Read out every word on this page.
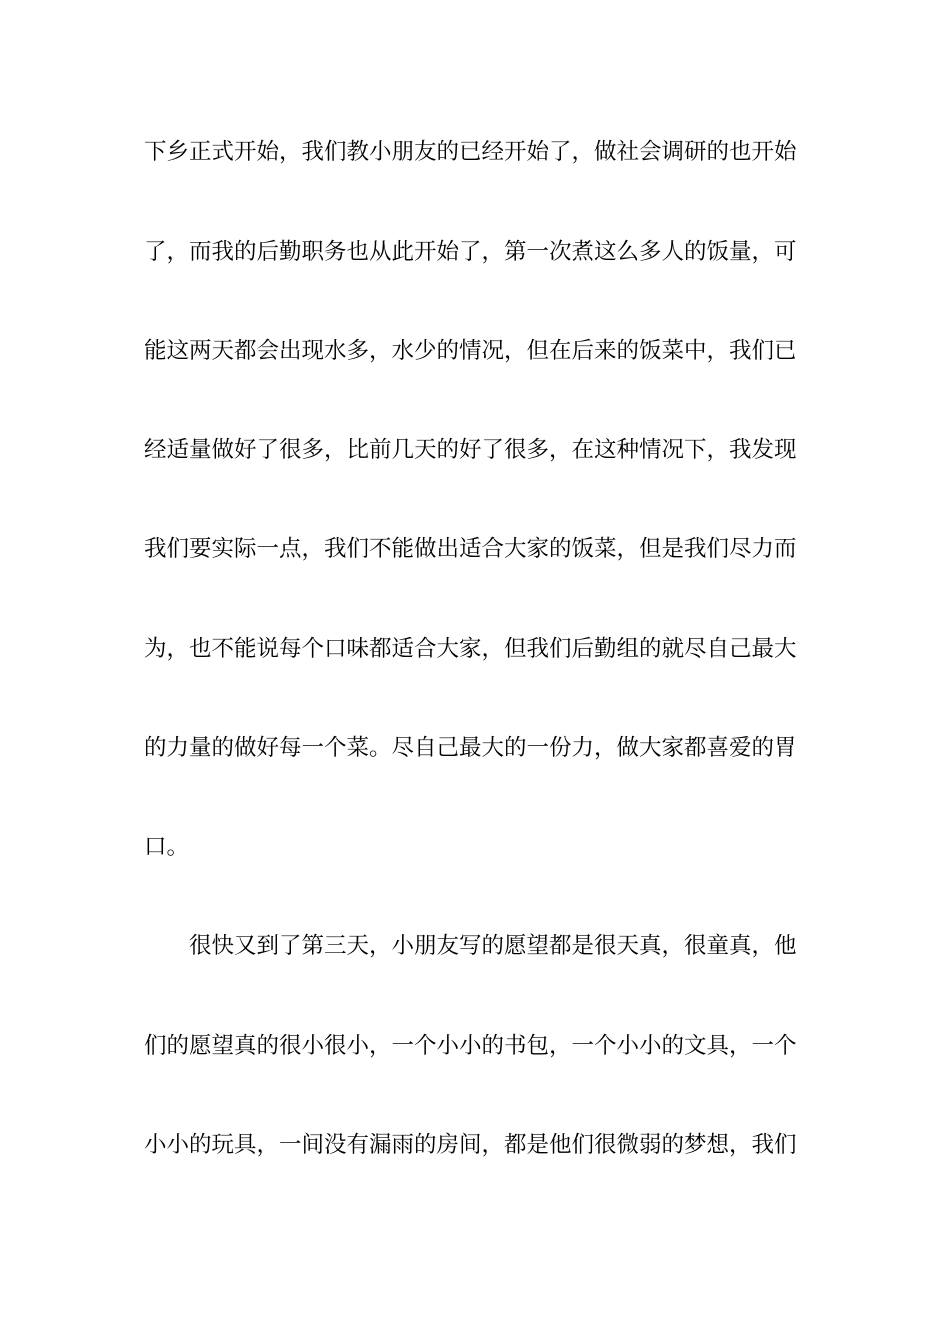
下乡正式开始，我们教小朋友的已经开始了，做社会调研的也开始
了，而我的后勤职务也从此开始了，第一次煮这么多人的饭量，可
能这两天都会出现水多，水少的情况，但在后来的饭菜中，我们已
经适量做好了很多，比前几天的好了很多，在这种情况下，我发现
我们要实际一点，我们不能做出适合大家的饭菜，但是我们尽力而
为，也不能说每个口味都适合大家，但我们后勤组的就尽自己最大
的力量的做好每一个菜。尽自己最大的一份力，做大家都喜爱的胃
口。
很快又到了第三天，小朋友写的愿望都是很天真，很童真，他
们的愿望真的很小很小，一个小小的书包，一个小小的文具，一个
小小的玩具，一间没有漏雨的房间，都是他们很微弱的梦想，我们
